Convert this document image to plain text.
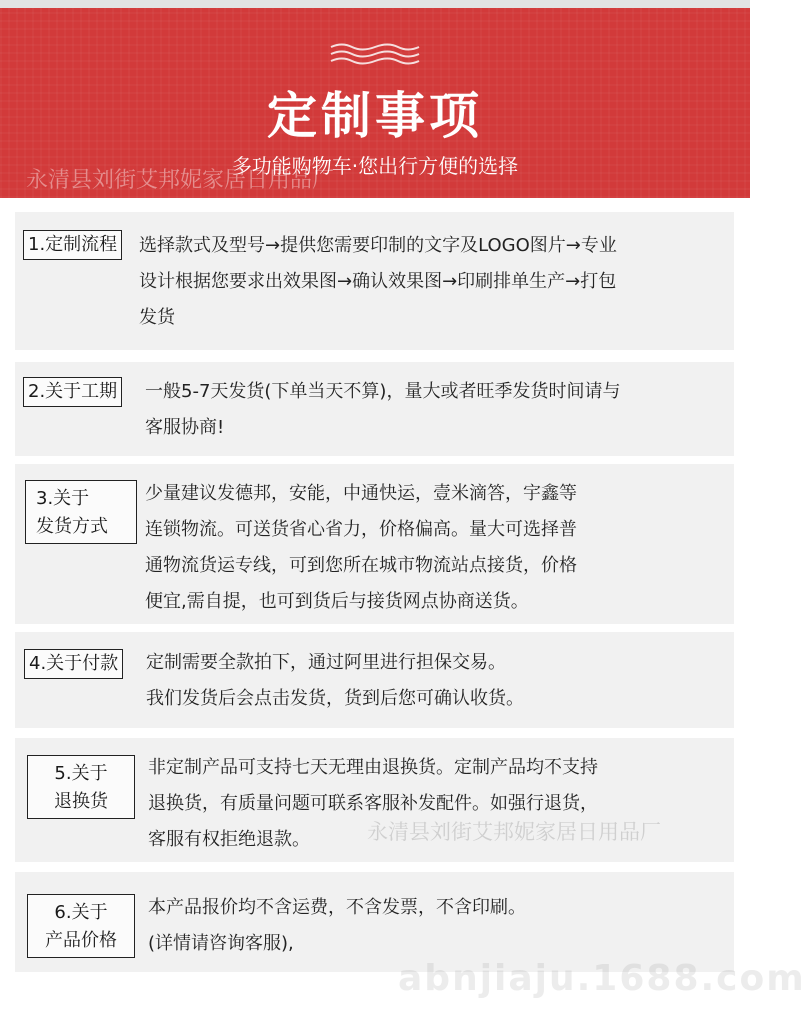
定制事项
永清县刘街艾邦妮家居日用品厂
多功能购物车·您出行方便的选择
1.定制流程 选择款式及型号→提供您需要印制的文字及LOGO图片→专业
设计根据您要求出效果图→确认效果图→印刷排单生产→打包
发货
2.关于工期 一般5-7天发货(下单当天不算)，量大或者旺季发货时间请与
客服协商!
3.关于
发货方式
少量建议发德邦，安能，中通快运，壹米滴答，宇鑫等
连锁物流。可送货省心省力，价格偏高。量大可选择普
通物流货运专线，可到您所在城市物流站点接货，价格
便宜,需自提，也可到货后与接货网点协商送货。
4.关于付款 定制需要全款拍下，通过阿里进行担保交易。
我们发货后会点击发货，货到后您可确认收货。
5.关于
退换货
非定制产品可支持七天无理由退换货。定制产品均不支持
退换货，有质量问题可联系客服补发配件。如强行退货，
客服有权拒绝退款。	永清县刘街艾邦妮家居日用品厂
6.关于
产品价格
本产品报价均不含运费，不含发票，不含印刷。
(详情请咨询客服),
abnjiaju.1688.com
